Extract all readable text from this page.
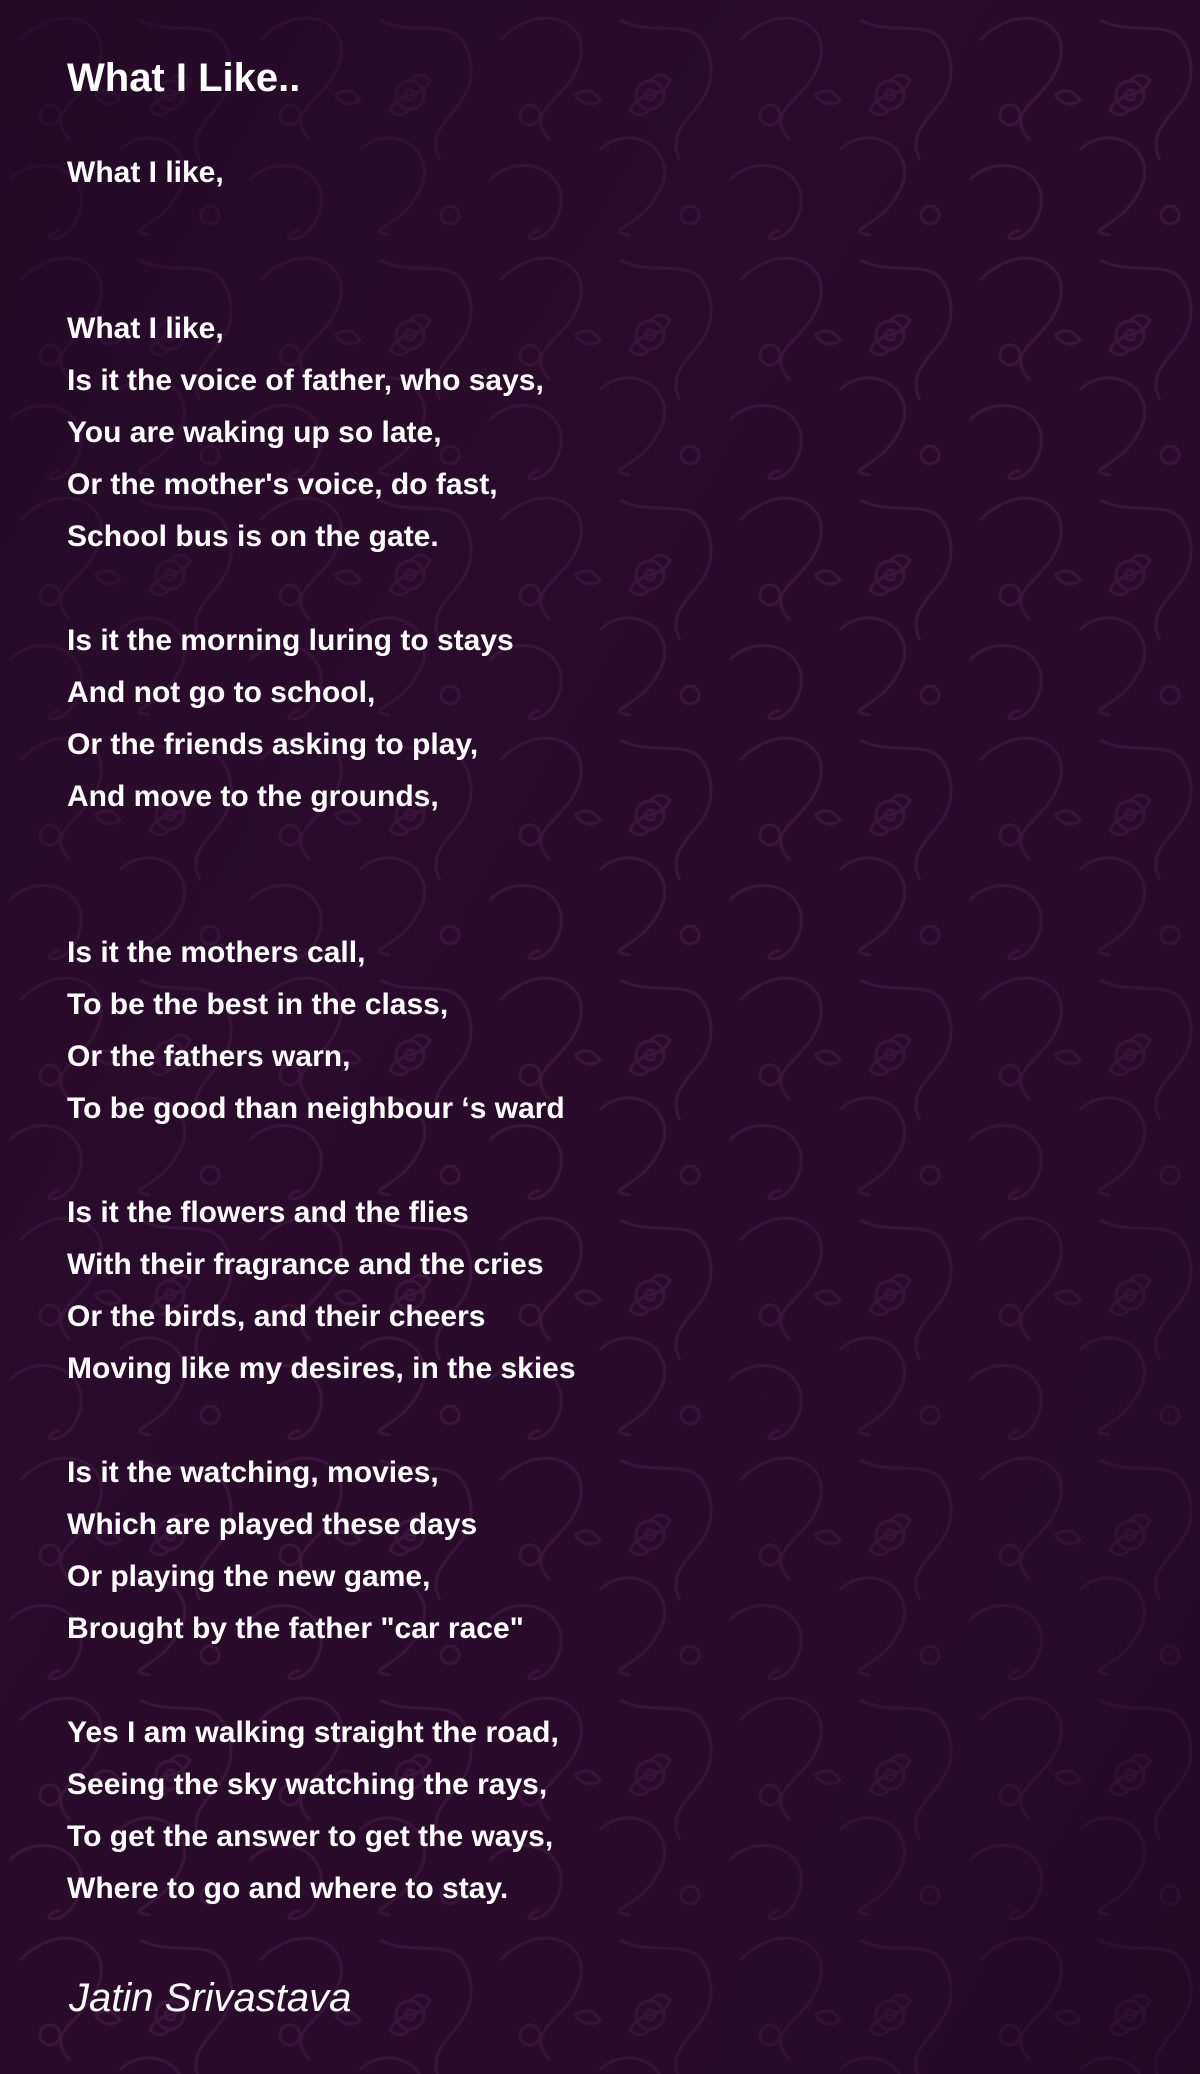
What I Like..
What I like,
What I like,
Is it the voice of father, who says,
You are waking up so late,
Or the mother's voice, do fast,
School bus is on the gate.
Is it the morning luring to stays
And not go to school,
Or the friends asking to play,
And move to the grounds,
Is it the mothers call,
To be the best in the class,
Or the fathers warn,
To be good than neighbour ‘s ward
Is it the flowers and the flies
With their fragrance and the cries
Or the birds, and their cheers
Moving like my desires, in the skies
Is it the watching, movies,
Which are played these days
Or playing the new game,
Brought by the father "car race"
Yes I am walking straight the road,
Seeing the sky watching the rays,
To get the answer to get the ways,
Where to go and where to stay.

Jatin Srivastava
